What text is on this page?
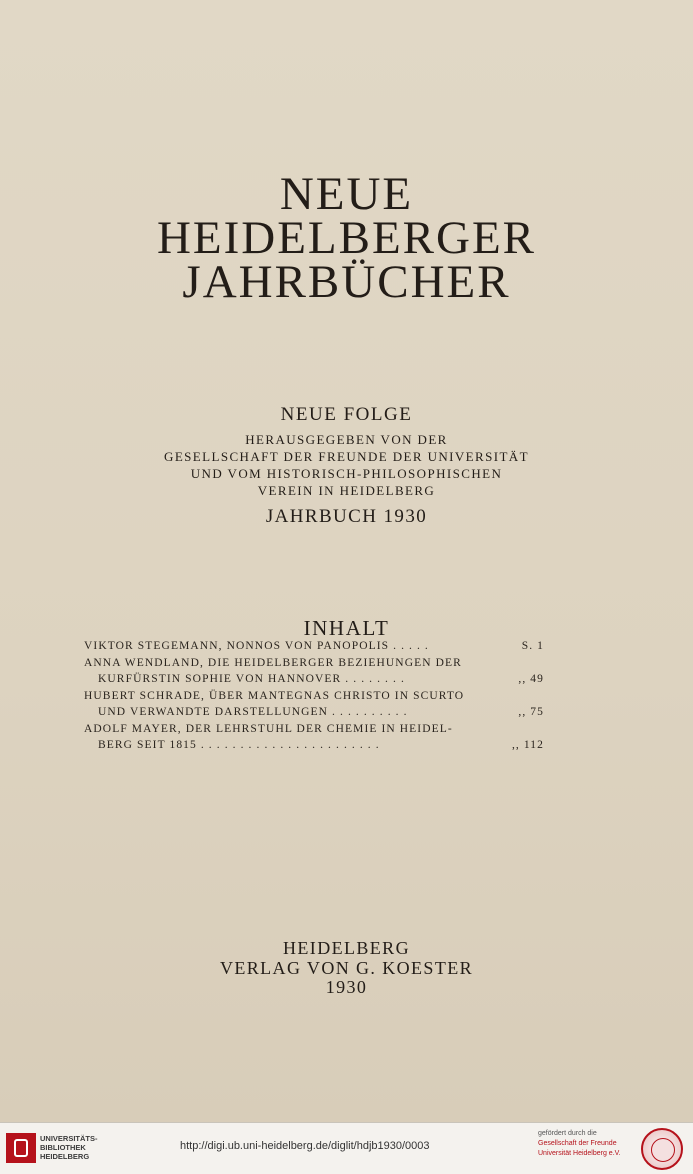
NEUE
HEIDELBERGER
JAHRBÜCHER
NEUE FOLGE
HERAUSGEGEBEN VON DER
GESELLSCHAFT DER FREUNDE DER UNIVERSITÄT
UND VOM HISTORISCH-PHILOSOPHISCHEN
VEREIN IN HEIDELBERG
JAHRBUCH 1930
INHALT
VIKTOR STEGEMANN, NONNOS VON PANOPOLIS . . . . .	S. 1
ANNA WENDLAND, DIE HEIDELBERGER BEZIEHUNGEN DER
KURFÜRSTIN SOPHIE VON HANNOVER . . . . . . . .	,, 49
HUBERT SCHRADE, ÜBER MANTEGNAS CHRISTO IN SCURTO
UND VERWANDTE DARSTELLUNGEN . . . . . . . . . .	,, 75
ADOLF MAYER, DER LEHRSTUHL DER CHEMIE IN HEIDEL-
BERG SEIT 1815 . . . . . . . . . . . . . . . . . . . . . . .	,, 112
HEIDELBERG
VERLAG VON G. KOESTER
1930
UNIVERSITÄTS-
BIBLIOTHEK
HEIDELBERG
http://digi.ub.uni-heidelberg.de/diglit/hdjb1930/0003
gefördert durch die
Gesellschaft der Freunde
Universität Heidelberg e.V.
